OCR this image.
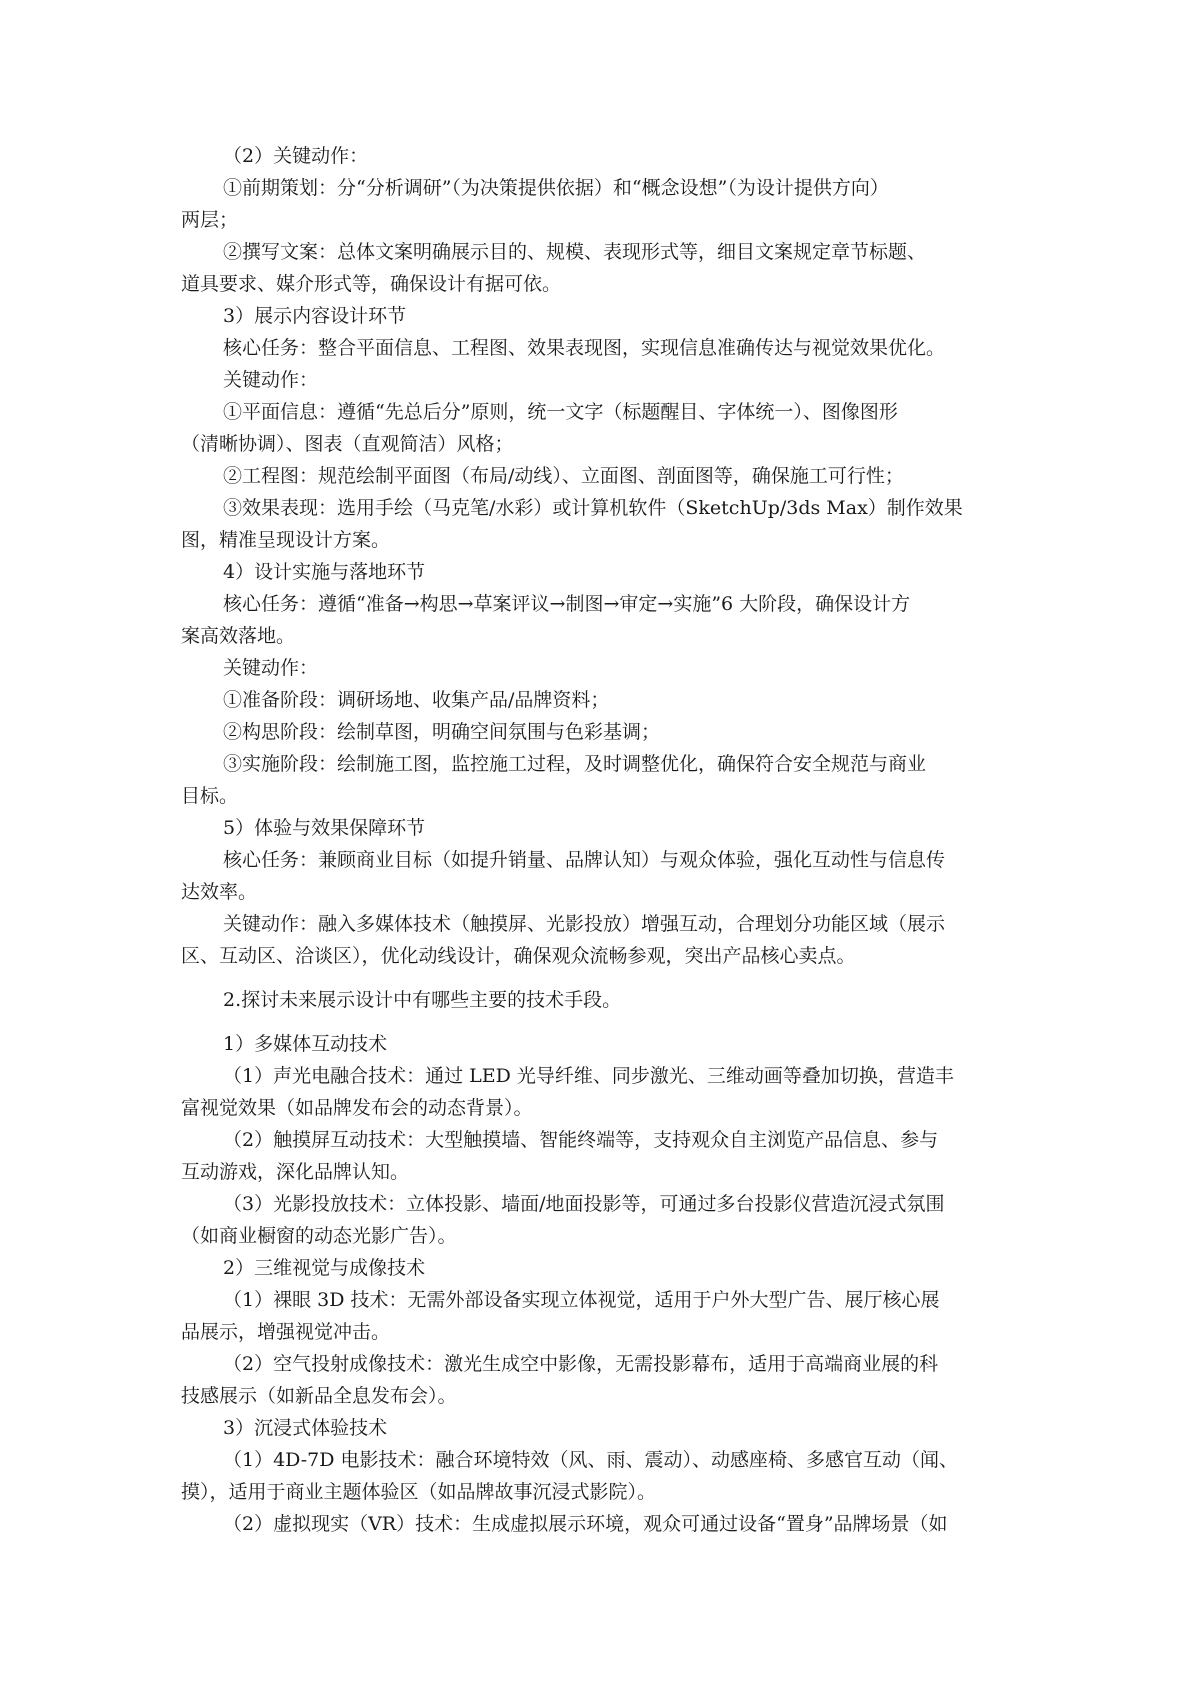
（2）关键动作：
①前期策划：分“分析调研”（为决策提供依据）和“概念设想”（为设计提供方向）
两层；
②撰写文案：总体文案明确展示目的、规模、表现形式等，细目文案规定章节标题、
道具要求、媒介形式等，确保设计有据可依。
3）展示内容设计环节
核心任务：整合平面信息、工程图、效果表现图，实现信息准确传达与视觉效果优化。
关键动作：
①平面信息：遵循“先总后分”原则，统一文字（标题醒目、字体统一）、图像图形
（清晰协调）、图表（直观简洁）风格；
②工程图：规范绘制平面图（布局/动线）、立面图、剖面图等，确保施工可行性；
③效果表现：选用手绘（马克笔/水彩）或计算机软件（SketchUp/3ds Max）制作效果
图，精准呈现设计方案。
4）设计实施与落地环节
核心任务：遵循“准备→构思→草案评议→制图→审定→实施”6 大阶段，确保设计方
案高效落地。
关键动作：
①准备阶段：调研场地、收集产品/品牌资料；
②构思阶段：绘制草图，明确空间氛围与色彩基调；
③实施阶段：绘制施工图，监控施工过程，及时调整优化，确保符合安全规范与商业
目标。
5）体验与效果保障环节
核心任务：兼顾商业目标（如提升销量、品牌认知）与观众体验，强化互动性与信息传
达效率。
关键动作：融入多媒体技术（触摸屏、光影投放）增强互动，合理划分功能区域（展示
区、互动区、洽谈区），优化动线设计，确保观众流畅参观，突出产品核心卖点。
2.探讨未来展示设计中有哪些主要的技术手段。
1）多媒体互动技术
（1）声光电融合技术：通过 LED 光导纤维、同步激光、三维动画等叠加切换，营造丰
富视觉效果（如品牌发布会的动态背景）。
（2）触摸屏互动技术：大型触摸墙、智能终端等，支持观众自主浏览产品信息、参与
互动游戏，深化品牌认知。
（3）光影投放技术：立体投影、墙面/地面投影等，可通过多台投影仪营造沉浸式氛围
（如商业橱窗的动态光影广告）。
2）三维视觉与成像技术
（1）裸眼 3D 技术：无需外部设备实现立体视觉，适用于户外大型广告、展厅核心展
品展示，增强视觉冲击。
（2）空气投射成像技术：激光生成空中影像，无需投影幕布，适用于高端商业展的科
技感展示（如新品全息发布会）。
3）沉浸式体验技术
（1）4D-7D 电影技术：融合环境特效（风、雨、震动）、动感座椅、多感官互动（闻、
摸），适用于商业主题体验区（如品牌故事沉浸式影院）。
（2）虚拟现实（VR）技术：生成虚拟展示环境，观众可通过设备“置身”品牌场景（如
